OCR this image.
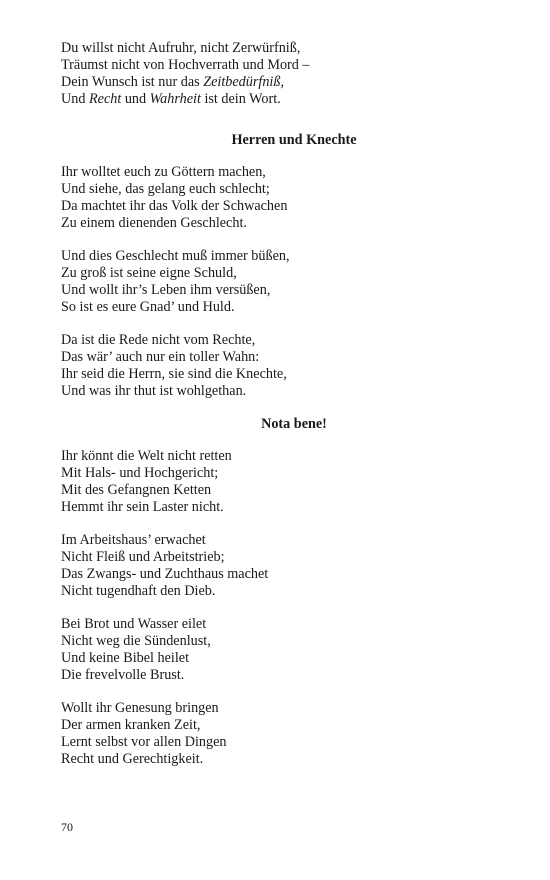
Du willst nicht Aufruhr, nicht Zerwürfniß,
Träumst nicht von Hochverrath und Mord –
Dein Wunsch ist nur das Zeitbedürfniß,
Und Recht und Wahrheit ist dein Wort.
Herren und Knechte
Ihr wolltet euch zu Göttern machen,
Und siehe, das gelang euch schlecht;
Da machtet ihr das Volk der Schwachen
Zu einem dienenden Geschlecht.
Und dies Geschlecht muß immer büßen,
Zu groß ist seine eigne Schuld,
Und wollt ihr’s Leben ihm versüßen,
So ist es eure Gnad’ und Huld.
Da ist die Rede nicht vom Rechte,
Das wär’ auch nur ein toller Wahn:
Ihr seid die Herrn, sie sind die Knechte,
Und was ihr thut ist wohlgethan.
Nota bene!
Ihr könnt die Welt nicht retten
Mit Hals- und Hochgericht;
Mit des Gefangnen Ketten
Hemmt ihr sein Laster nicht.
Im Arbeitshaus’ erwachet
Nicht Fleiß und Arbeitstrieb;
Das Zwangs- und Zuchthaus machet
Nicht tugendhaft den Dieb.
Bei Brot und Wasser eilet
Nicht weg die Sündenlust,
Und keine Bibel heilet
Die frevelvolle Brust.
Wollt ihr Genesung bringen
Der armen kranken Zeit,
Lernt selbst vor allen Dingen
Recht und Gerechtigkeit.
70
